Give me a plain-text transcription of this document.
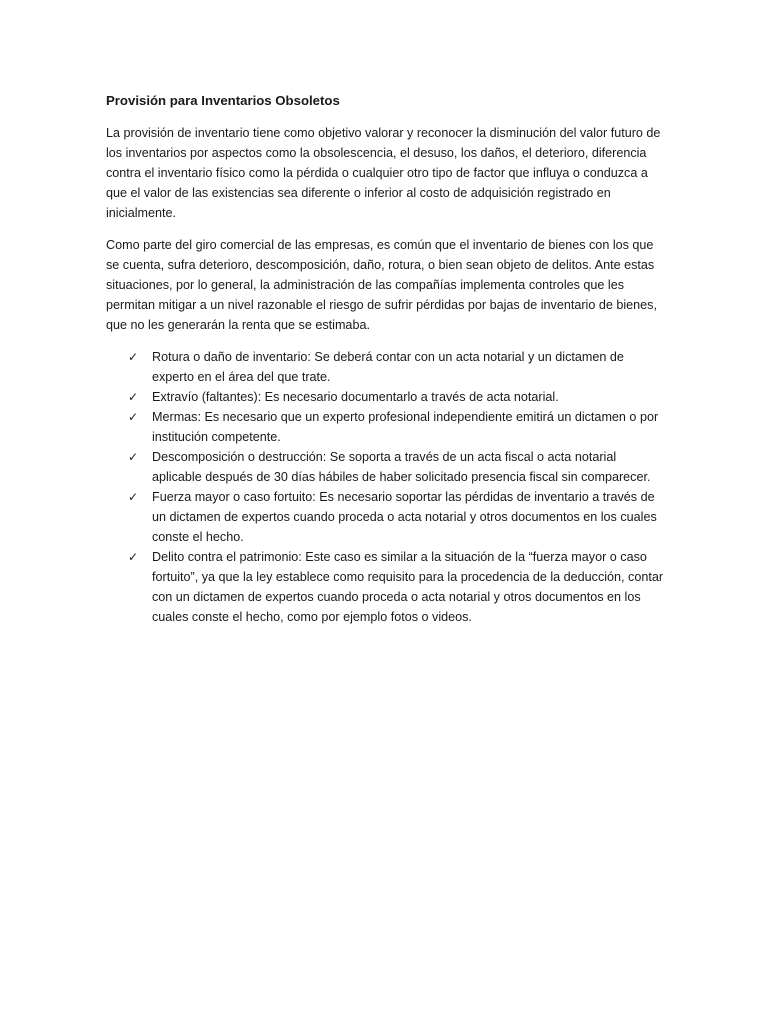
Provisión para Inventarios Obsoletos

La provisión de inventario tiene como objetivo valorar y reconocer la disminución del valor futuro de los inventarios por aspectos como la obsolescencia, el desuso, los daños, el deterioro, diferencia contra el inventario físico como la pérdida o cualquier otro tipo de factor que influya o conduzca a que el valor de las existencias sea diferente o inferior al costo de adquisición registrado en inicialmente.

Como parte del giro comercial de las empresas, es común que el inventario de bienes con los que se cuenta, sufra deterioro, descomposición, daño, rotura, o bien sean objeto de delitos. Ante estas situaciones, por lo general, la administración de las compañías implementa controles que les permitan mitigar a un nivel razonable el riesgo de sufrir pérdidas por bajas de inventario de bienes, que no les generarán la renta que se estimaba.

✓ Rotura o daño de inventario: Se deberá contar con un acta notarial y un dictamen de experto en el área del que trate.
✓ Extravío (faltantes): Es necesario documentarlo a través de acta notarial.
✓ Mermas: Es necesario que un experto profesional independiente emitirá un dictamen o por institución competente.
✓ Descomposición o destrucción: Se soporta a través de un acta fiscal o acta notarial aplicable después de 30 días hábiles de haber solicitado presencia fiscal sin comparecer.
✓ Fuerza mayor o caso fortuito: Es necesario soportar las pérdidas de inventario a través de un dictamen de expertos cuando proceda o acta notarial y otros documentos en los cuales conste el hecho.
✓ Delito contra el patrimonio: Este caso es similar a la situación de la “fuerza mayor o caso fortuito”, ya que la ley establece como requisito para la procedencia de la deducción, contar con un dictamen de expertos cuando proceda o acta notarial y otros documentos en los cuales conste el hecho, como por ejemplo fotos o videos.
